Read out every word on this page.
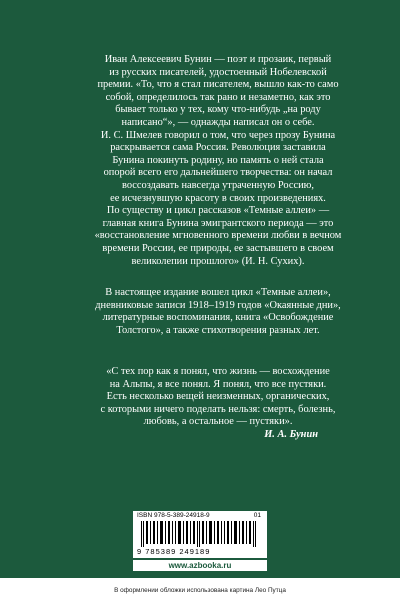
Иван Алексеевич Бунин — поэт и прозаик, первый

из русских писателей, удостоенный Нобелевской

премии. «То, что я стал писателем, вышло как-то само

собой, определилось так рано и незаметно, как это

бывает только у тех, кому что-нибудь „на роду

написано“», — однажды написал он о себе.

И. С. Шмелев говорил о том, что через прозу Бунина

раскрывается сама Россия. Революция заставила

Бунина покинуть родину, но память о ней стала

опорой всего его дальнейшего творчества: он начал

воссоздавать навсегда утраченную Россию,

ее исчезнувшую красоту в своих произведениях.

По существу и цикл рассказов «Темные аллеи» —

главная книга Бунина эмигрантского периода — это

«восстановление мгновенного времени любви в вечном

времени России, ее природы, ее застывшего в своем

великолепии прошлого» (И. Н. Сухих).

В настоящее издание вошел цикл «Темные аллеи»,

дневниковые записи 1918–1919 годов «Окаянные дни»,

литературные воспоминания, книга «Освобождение

Толстого», а также стихотворения разных лет.

«С тех пор как я понял, что жизнь — восхождение

на Альпы, я все понял. Я понял, что все пустяки.

Есть несколько вещей неизменных, органических,

с которыми ничего поделать нельзя: смерть, болезнь,

любовь, а остальное — пустяки».

И. А. Бунин

ISBN 978-5-389-24918-9	01
9 785389 249189
www.azbooka.ru
В оформлении обложки использована картина Лео Путца
